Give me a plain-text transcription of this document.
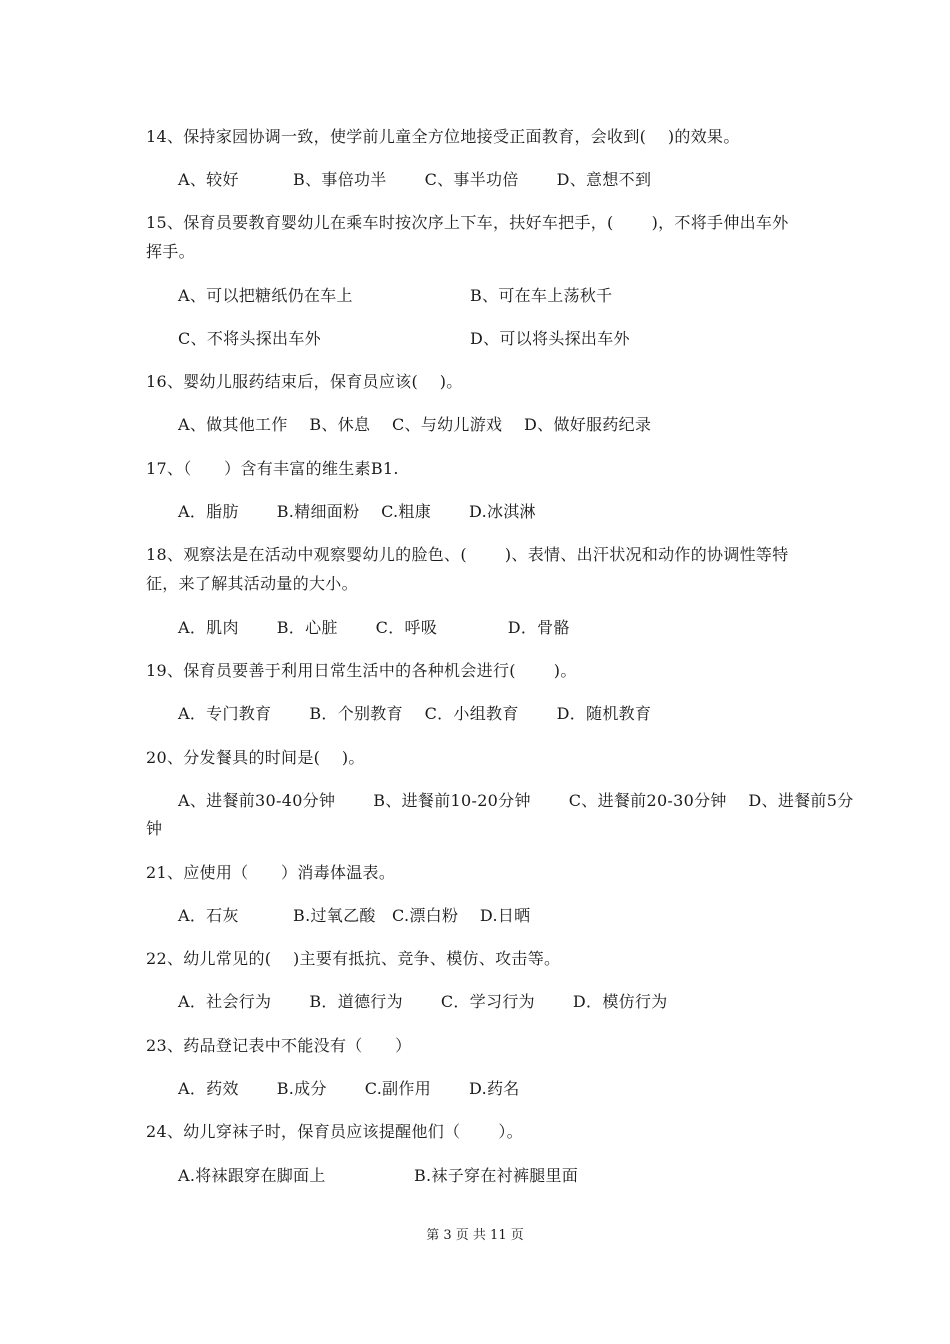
14、保持家园协调一致，使学前儿童全方位地接受正面教育，会收到(　 )的效果。
A、较好　　　 B、事倍功半　　 C、事半功倍　　 D、意想不到
15、保育员要教育婴幼儿在乘车时按次序上下车，扶好车把手，(　　 )，不将手伸出车外
挥手。
A、可以把糖纸仍在车上	B、可在车上荡秋千
C、不将头探出车外	D、可以将头探出车外
16、婴幼儿服药结束后，保育员应该(　 )。
A、做其他工作　 B、休息　 C、与幼儿游戏　 D、做好服药纪录
17、（　　）含有丰富的维生素B1.
A．脂肪　　 B.精细面粉　 C.粗康　　 D.冰淇淋
18、观察法是在活动中观察婴幼儿的脸色、(　　 )、表情、出汗状况和动作的协调性等特
征，来了解其活动量的大小。
A．肌肉　　 B．心脏　　 C．呼吸　　　　 D．骨骼
19、保育员要善于利用日常生活中的各种机会进行(　　 )。
A．专门教育　　 B．个别教育　 C．小组教育　　 D．随机教育
20、分发餐具的时间是(　 )。
A、进餐前30-40分钟　　 B、进餐前10-20分钟　　 C、进餐前20-30分钟　 D、进餐前5分
钟
21、应使用（　　）消毒体温表。
A．石灰　　　 B.过氧乙酸　C.漂白粉　 D.日晒
22、幼儿常见的(　 )主要有抵抗、竞争、模仿、攻击等。
A．社会行为　　 B．道德行为　　 C．学习行为　　 D．模仿行为
23、药品登记表中不能没有（　　）
A．药效　　 B.成分　　 C.副作用　　 D.药名
24、幼儿穿袜子时，保育员应该提醒他们（　　 ）。
A.将袜跟穿在脚面上	B.袜子穿在衬裤腿里面
第 3 页 共 11 页
